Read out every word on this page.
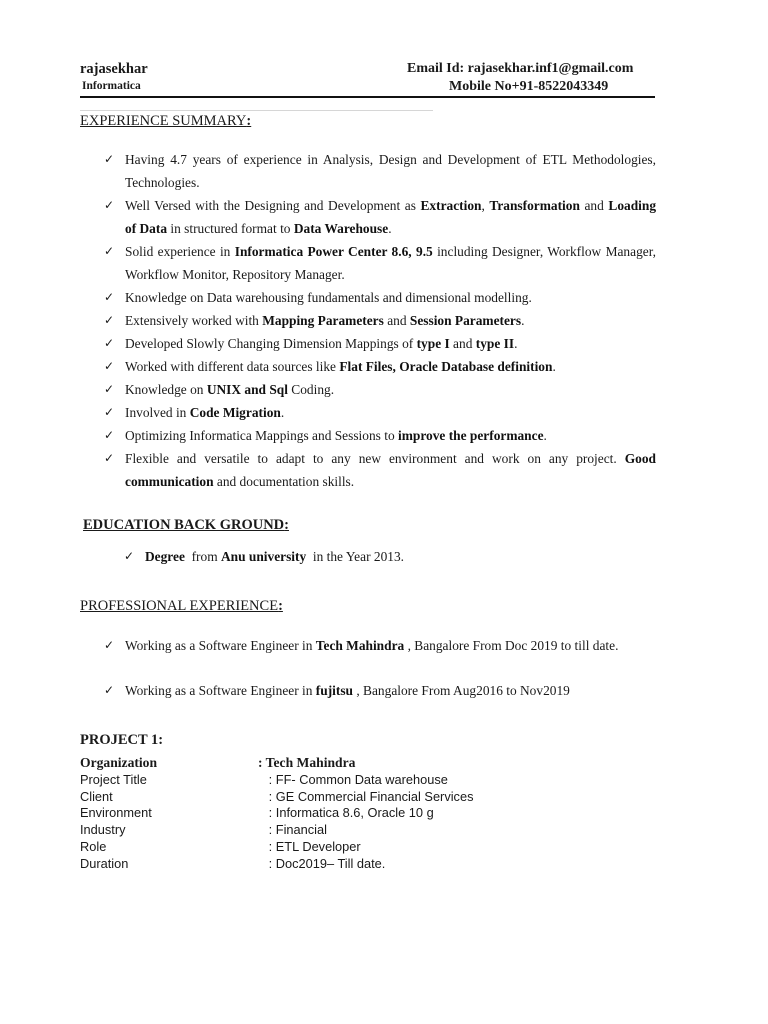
rajasekhar
Informatica
Email Id: rajasekhar.inf1@gmail.com
Mobile No+91-8522043349
EXPERIENCE SUMMARY:
✓ Having 4.7 years of experience in Analysis, Design and Development of ETL Methodologies, Technologies.
✓ Well Versed with the Designing and Development as Extraction, Transformation and Loading of Data in structured format to Data Warehouse.
✓ Solid experience in Informatica Power Center 8.6, 9.5 including Designer, Workflow Manager, Workflow Monitor, Repository Manager.
✓ Knowledge on Data warehousing fundamentals and dimensional modelling.
✓ Extensively worked with Mapping Parameters and Session Parameters.
✓ Developed Slowly Changing Dimension Mappings of type I and type II.
✓ Worked with different data sources like Flat Files, Oracle Database definition.
✓ Knowledge on UNIX and Sql Coding.
✓ Involved in Code Migration.
✓ Optimizing Informatica Mappings and Sessions to improve the performance.
✓ Flexible and versatile to adapt to any new environment and work on any project. Good communication and documentation skills.
EDUCATION BACK GROUND:
✓ Degree  from Anu university  in the Year 2013.
PROFESSIONAL EXPERIENCE:
✓ Working as a Software Engineer in Tech Mahindra , Bangalore From Doc 2019 to till date.
✓ Working as a Software Engineer in fujitsu , Bangalore From Aug2016 to Nov2019
PROJECT 1:
Organization	: Tech Mahindra
Project Title	: FF- Common Data warehouse
Client	: GE Commercial Financial Services
Environment	: Informatica 8.6, Oracle 10 g
Industry	: Financial
Role	: ETL Developer
Duration	: Doc2019– Till date.
